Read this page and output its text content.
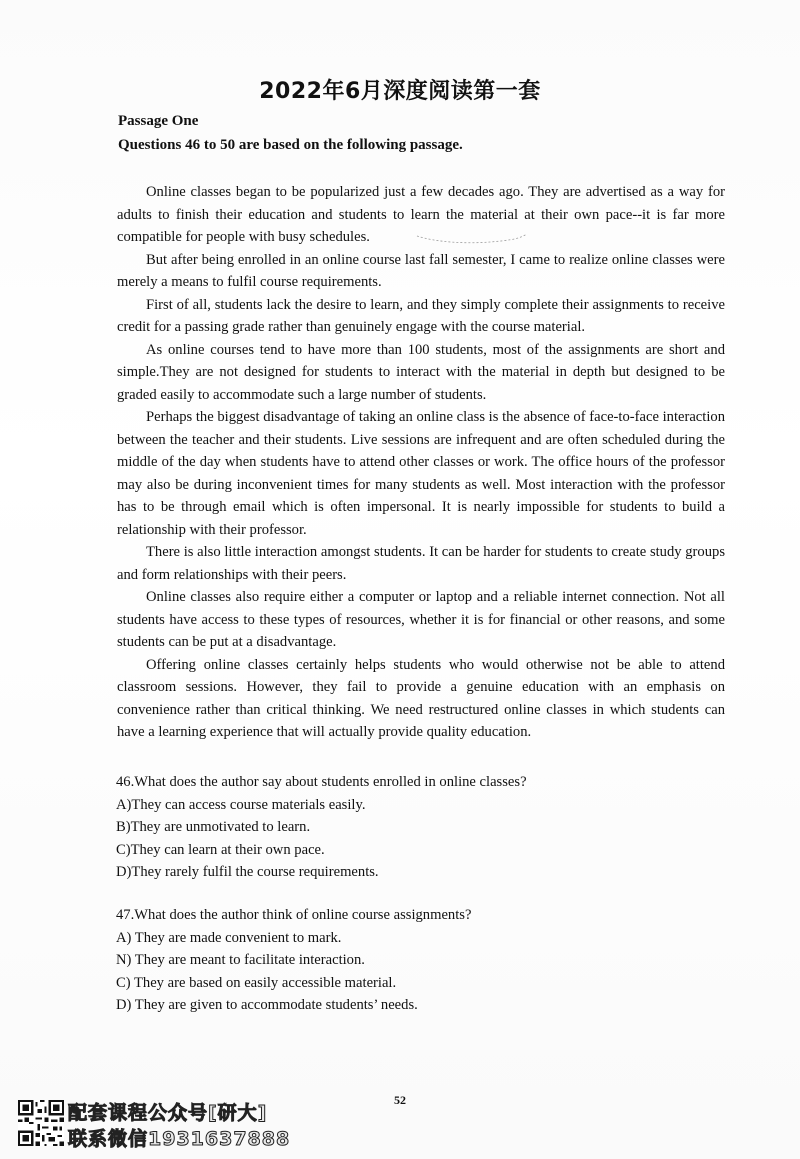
2022年6月深度阅读第一套
Passage One
Questions 46 to 50 are based on the following passage.

Online classes began to be popularized just a few decades ago. They are advertised as a way for adults to finish their education and students to learn the material at their own pace--it is far more compatible for people with busy schedules.

But after being enrolled in an online course last fall semester, I came to realize online classes were merely a means to fulfil course requirements.

First of all, students lack the desire to learn, and they simply complete their assignments to receive credit for a passing grade rather than genuinely engage with the course material.

As online courses tend to have more than 100 students, most of the assignments are short and simple.They are not designed for students to interact with the material in depth but designed to be graded easily to accommodate such a large number of students.

Perhaps the biggest disadvantage of taking an online class is the absence of face-to-face interaction between the teacher and their students. Live sessions are infrequent and are often scheduled during the middle of the day when students have to attend other classes or work. The office hours of the professor may also be during inconvenient times for many students as well. Most interaction with the professor has to be through email which is often impersonal. It is nearly impossible for students to build a relationship with their professor.

There is also little interaction amongst students. It can be harder for students to create study groups and form relationships with their peers.

Online classes also require either a computer or laptop and a reliable internet connection. Not all students have access to these types of resources, whether it is for financial or other reasons, and some students can be put at a disadvantage.

Offering online classes certainly helps students who would otherwise not be able to attend classroom sessions. However, they fail to provide a genuine education with an emphasis on convenience rather than critical thinking. We need restructured online classes in which students can have a learning experience that will actually provide quality education.

46.What does the author say about students enrolled in online classes?
A)They can access course materials easily.
B)They are unmotivated to learn.
C)They can learn at their own pace.
D)They rarely fulfil the course requirements.
47.What does the author think of online course assignments?
A) They are made convenient to mark.
N) They are meant to facilitate interaction.
C) They are based on easily accessible material.
D) They are given to accommodate students’ needs.
52
配套课程公众号[研大]
联系微信1931637888
